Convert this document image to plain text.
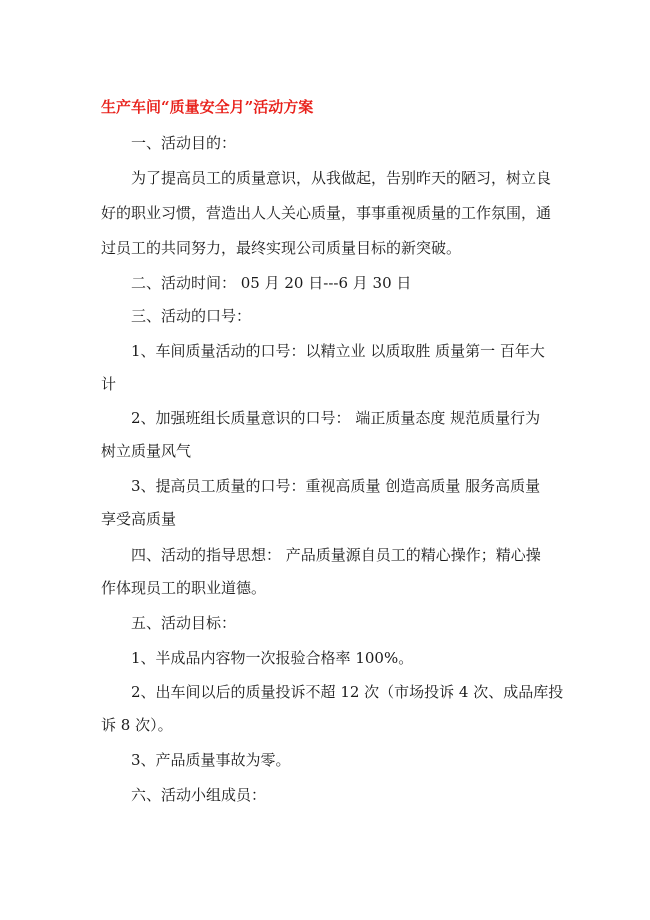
生产车间“质量安全月”活动方案
一、活动目的：
为了提高员工的质量意识，从我做起，告别昨天的陋习，树立良
好的职业习惯，营造出人人关心质量，事事重视质量的工作氛围，通
过员工的共同努力，最终实现公司质量目标的新突破。
二、活动时间： 05 月 20 日---6 月 30 日
三、活动的口号：
1、车间质量活动的口号：以精立业 以质取胜 质量第一 百年大
计
2、加强班组长质量意识的口号： 端正质量态度 规范质量行为
树立质量风气
3、提高员工质量的口号：重视高质量 创造高质量 服务高质量
享受高质量
四、活动的指导思想： 产品质量源自员工的精心操作；精心操
作体现员工的职业道德。
五、活动目标：
1、半成品内容物一次报验合格率 100%。
2、出车间以后的质量投诉不超 12 次（市场投诉 4 次、成品库投
诉 8 次）。
3、产品质量事故为零。
六、活动小组成员：
